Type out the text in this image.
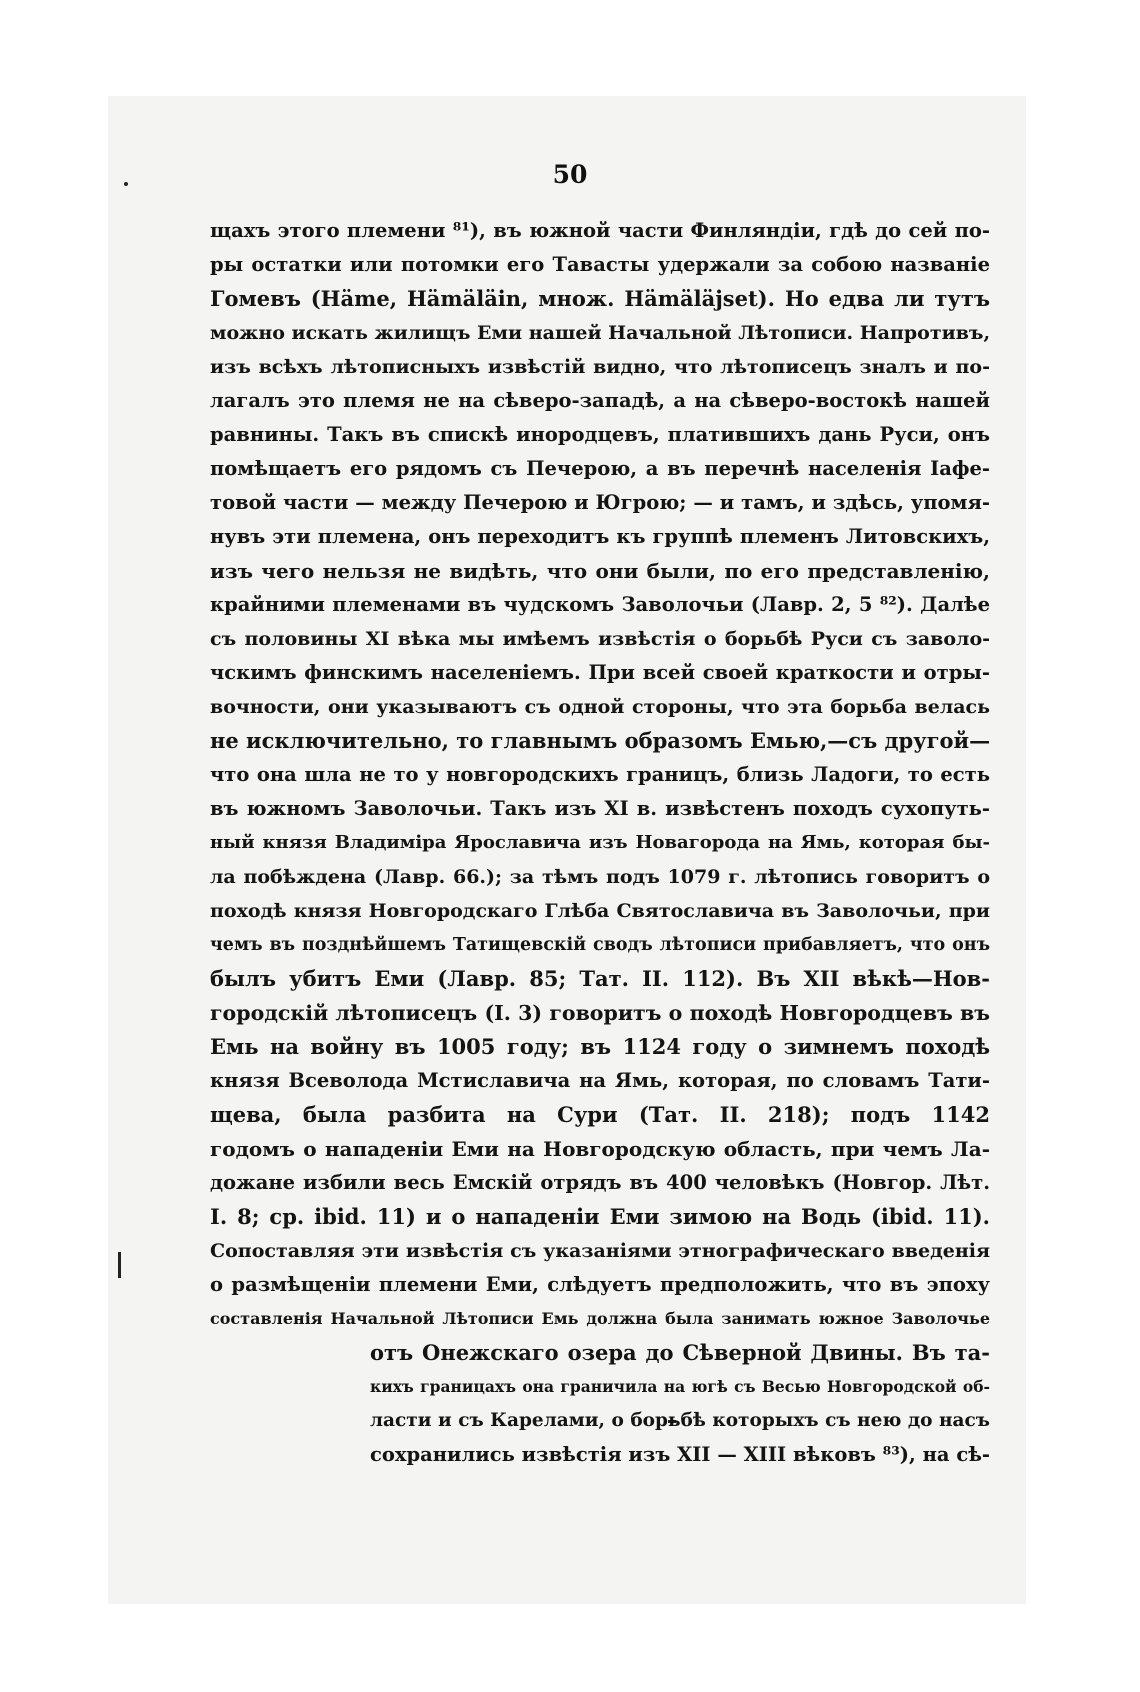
50
щахъ этого племени ⁸¹), въ южной части Финляндіи, гдѣ до сей по-
ры остатки или потомки его Тавасты удержали за собою названіе
Гомевъ (Häme, Hämäläin, множ. Hämäläjset). Но едва ли тутъ
можно искать жилищъ Еми нашей Начальной Лѣтописи. Напротивъ,
изъ всѣхъ лѣтописныхъ извѣстій видно, что лѣтописецъ зналъ и по-
лагалъ это племя не на сѣверо-западѣ, а на сѣверо-востокѣ нашей
равнины. Такъ въ спискѣ инородцевъ, платившихъ дань Руси, онъ
помѣщаетъ его рядомъ съ Печерою, а въ перечнѣ населенія Іафе-
товой части — между Печерою и Югрою; — и тамъ, и здѣсь, упомя-
нувъ эти племена, онъ переходитъ къ группѣ племенъ Литовскихъ,
изъ чего нельзя не видѣть, что они были, по его представленію,
крайними племенами въ чудскомъ Заволочьи (Лавр. 2, 5 ⁸²). Далѣе
съ половины XI вѣка мы имѣемъ извѣстія о борьбѣ Руси съ заволо-
чскимъ финскимъ населеніемъ. При всей своей краткости и отры-
вочности, они указываютъ съ одной стороны, что эта борьба велась
не исключительно, то главнымъ образомъ Емью,—съ другой—
что она шла не то у новгородскихъ границъ, близь Ладоги, то есть
въ южномъ Заволочьи. Такъ изъ XI в. извѣстенъ походъ сухопуть-
ный князя Владиміра Ярославича изъ Новагорода на Ямь, которая бы-
ла побѣждена (Лавр. 66.); за тѣмъ подъ 1079 г. лѣтопись говоритъ о
походѣ князя Новгородскаго Глѣба Святославича въ Заволочьи, при
чемъ въ позднѣйшемъ Татищевскій сводъ лѣтописи прибавляетъ, что онъ
былъ убитъ Еми (Лавр. 85; Тат. II. 112). Въ XII вѣкѣ—Нов-
городскій лѣтописецъ (I. 3) говоритъ о походѣ Новгородцевъ въ
Емь на войну въ 1005 году; въ 1124 году о зимнемъ походѣ
князя Всеволода Мстиславича на Ямь, которая, по словамъ Тати-
щева, была разбита на Сури (Тат. II. 218); подъ 1142
годомъ о нападеніи Еми на Новгородскую область, при чемъ Ла-
дожане избили весь Емскій отрядъ въ 400 человѣкъ (Новгор. Лѣт.
I. 8; ср. ibid. 11) и о нападеніи Еми зимою на Водь (ibid. 11).
Сопоставляя эти извѣстія съ указаніями этнографическаго введенія
о размѣщеніи племени Еми, слѣдуетъ предположить, что въ эпоху
составленія Начальной Лѣтописи Емь должна была занимать южное Заволочье
отъ Онежскаго озера до Сѣверной Двины. Въ та-
кихъ границахъ она граничила на югѣ съ Весью Новгородской об-
ласти и съ Карелами, о борьбѣ которыхъ съ нею до насъ
сохранились извѣстія изъ XII — XIII вѣковъ ⁸³), на сѣ-
